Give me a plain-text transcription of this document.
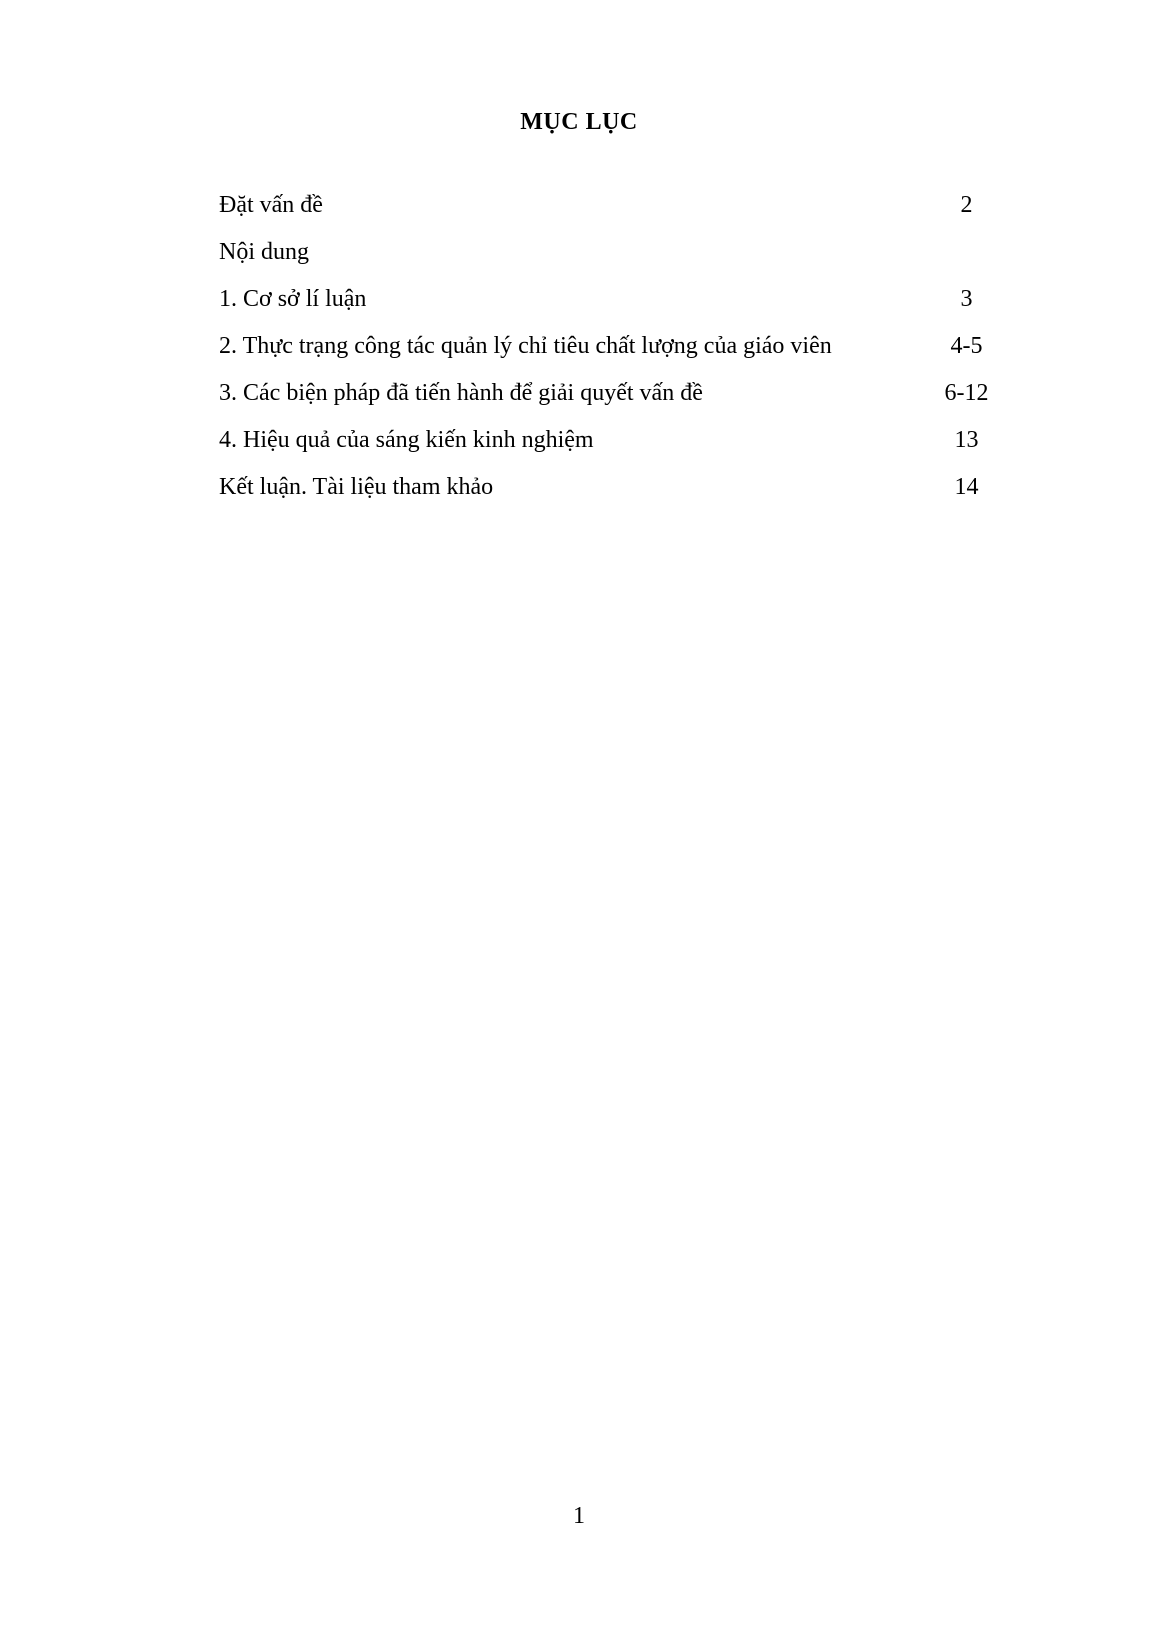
MỤC LỤC
Đặt vấn đề	2
Nội dung
1. Cơ sở lí luận	3
2. Thực trạng công tác quản lý chỉ tiêu chất lượng của giáo viên	4-5
3. Các biện pháp đã tiến hành để giải quyết vấn đề	6-12
4. Hiệu quả của sáng kiến kinh nghiệm	13
Kết luận. Tài liệu tham khảo	14
1
